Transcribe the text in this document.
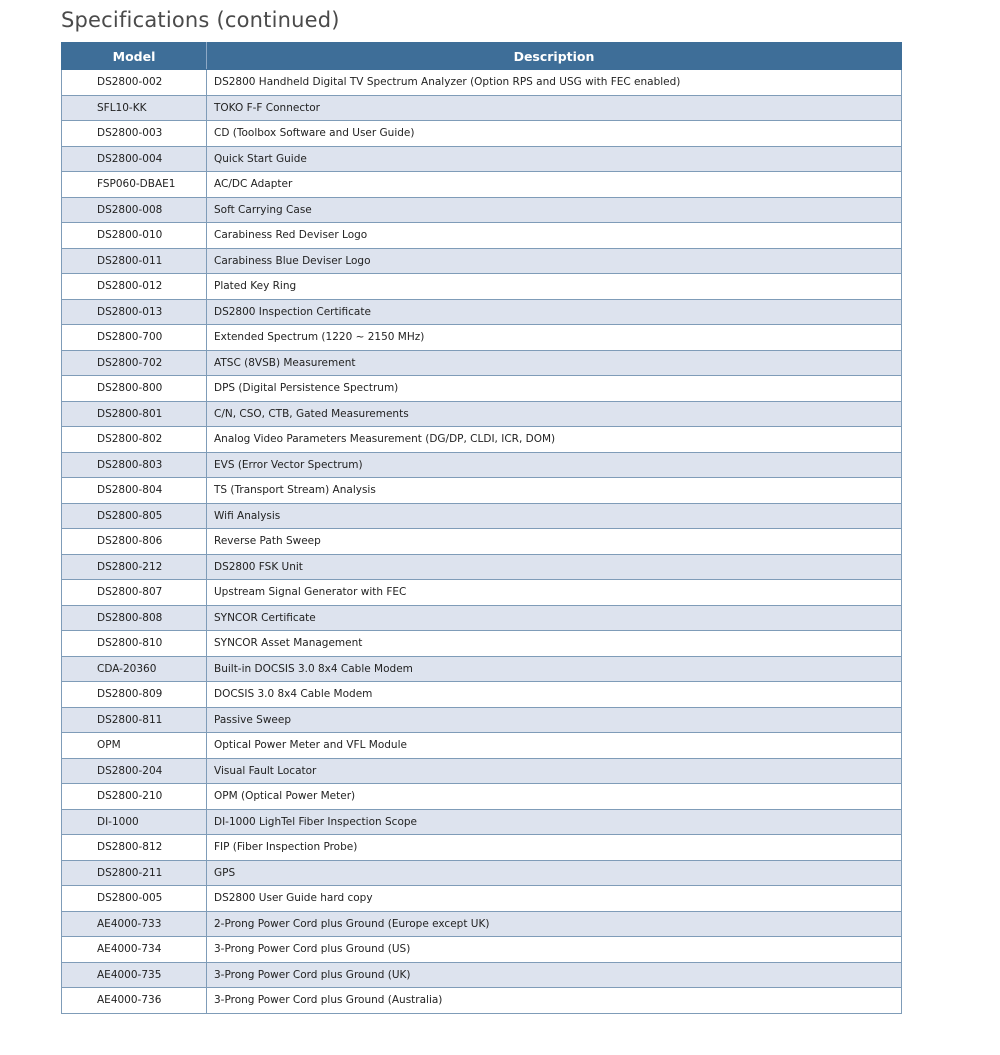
Specifications (continued)
Model	Description
DS2800-002	DS2800 Handheld Digital TV Spectrum Analyzer (Option RPS and USG with FEC enabled)
SFL10-KK	TOKO F-F Connector
DS2800-003	CD (Toolbox Software and User Guide)
DS2800-004	Quick Start Guide
FSP060-DBAE1	AC/DC Adapter
DS2800-008	Soft Carrying Case
DS2800-010	Carabiness Red Deviser Logo
DS2800-011	Carabiness Blue Deviser Logo
DS2800-012	Plated Key Ring
DS2800-013	DS2800 Inspection Certificate
DS2800-700	Extended Spectrum (1220 ~ 2150 MHz)
DS2800-702	ATSC (8VSB) Measurement
DS2800-800	DPS (Digital Persistence Spectrum)
DS2800-801	C/N, CSO, CTB, Gated Measurements
DS2800-802	Analog Video Parameters Measurement (DG/DP, CLDI, ICR, DOM)
DS2800-803	EVS (Error Vector Spectrum)
DS2800-804	TS (Transport Stream) Analysis
DS2800-805	Wifi Analysis
DS2800-806	Reverse Path Sweep
DS2800-212	DS2800 FSK Unit
DS2800-807	Upstream Signal Generator with FEC
DS2800-808	SYNCOR Certificate
DS2800-810	SYNCOR Asset Management
CDA-20360	Built-in DOCSIS 3.0 8x4 Cable Modem
DS2800-809	DOCSIS 3.0 8x4 Cable Modem
DS2800-811	Passive Sweep
OPM	Optical Power Meter and VFL Module
DS2800-204	Visual Fault Locator
DS2800-210	OPM (Optical Power Meter)
DI-1000	DI-1000 LighTel Fiber Inspection Scope
DS2800-812	FIP (Fiber Inspection Probe)
DS2800-211	GPS
DS2800-005	DS2800 User Guide hard copy
AE4000-733	2-Prong Power Cord plus Ground (Europe except UK)
AE4000-734	3-Prong Power Cord plus Ground (US)
AE4000-735	3-Prong Power Cord plus Ground (UK)
AE4000-736	3-Prong Power Cord plus Ground (Australia)
